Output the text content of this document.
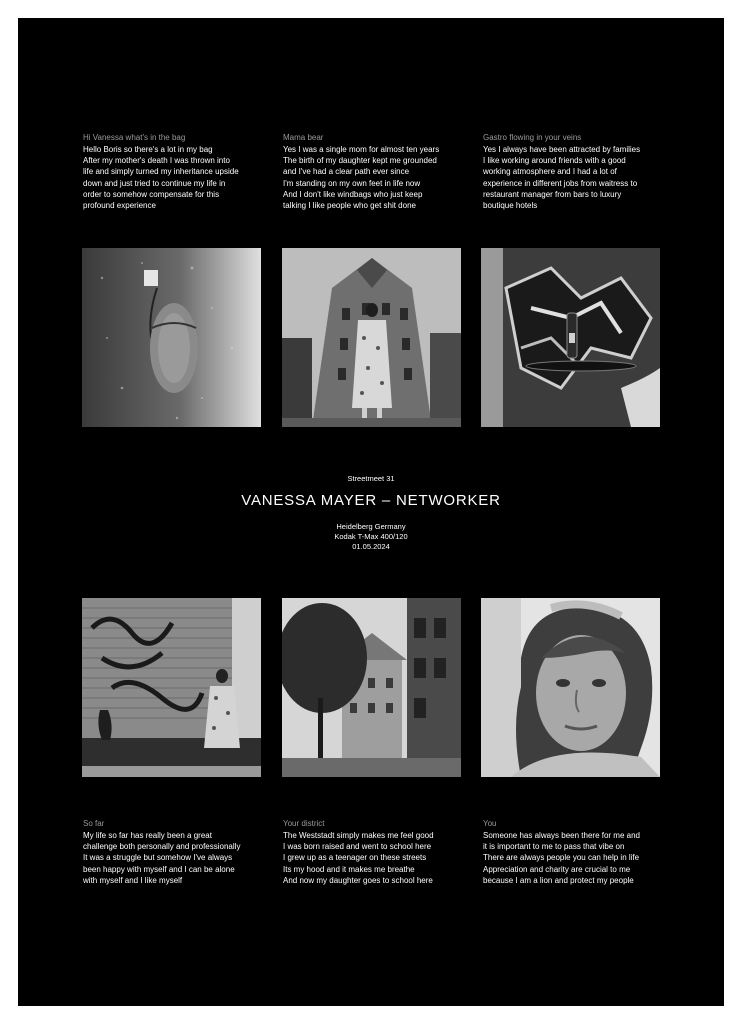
Hi Vanessa what's in the bag
Hello Boris so there's a lot in my bag
After my mother's death I was thrown into
life and simply turned my inheritance upside
down and just tried to continue my life in
order to somehow compensate for this
profound experience
Mama bear
Yes I was a single mom for almost ten years
The birth of my daughter kept me grounded
and I've had a clear path ever since
I'm standing on my own feet in life now
And I don't like windbags who just keep
talking I like people who get shit done
Gastro flowing in your veins
Yes I always have been attracted by families
I like working around friends with a good
working atmosphere and I had a lot of
experience in different jobs from waitress to
restaurant manager from bars to luxury
boutique hotels
Streetmeet 31
VANESSA MAYER – NETWORKER
Heidelberg Germany
Kodak T-Max 400/120
01.05.2024
So far
My life so far has really been a great
challenge both personally and professionally
It was a struggle but somehow I've always
been happy with myself and I can be alone
with myself and I like myself
Your district
The Weststadt simply makes me feel good
I was born raised and went to school here
I grew up as a teenager on these streets
Its my hood and it makes me breathe
And now my daughter goes to school here
You
Someone has always been there for me and
it is important to me to pass that vibe on
There are always people you can help in life
Appreciation and charity are crucial to me
because I am a lion and protect my people
